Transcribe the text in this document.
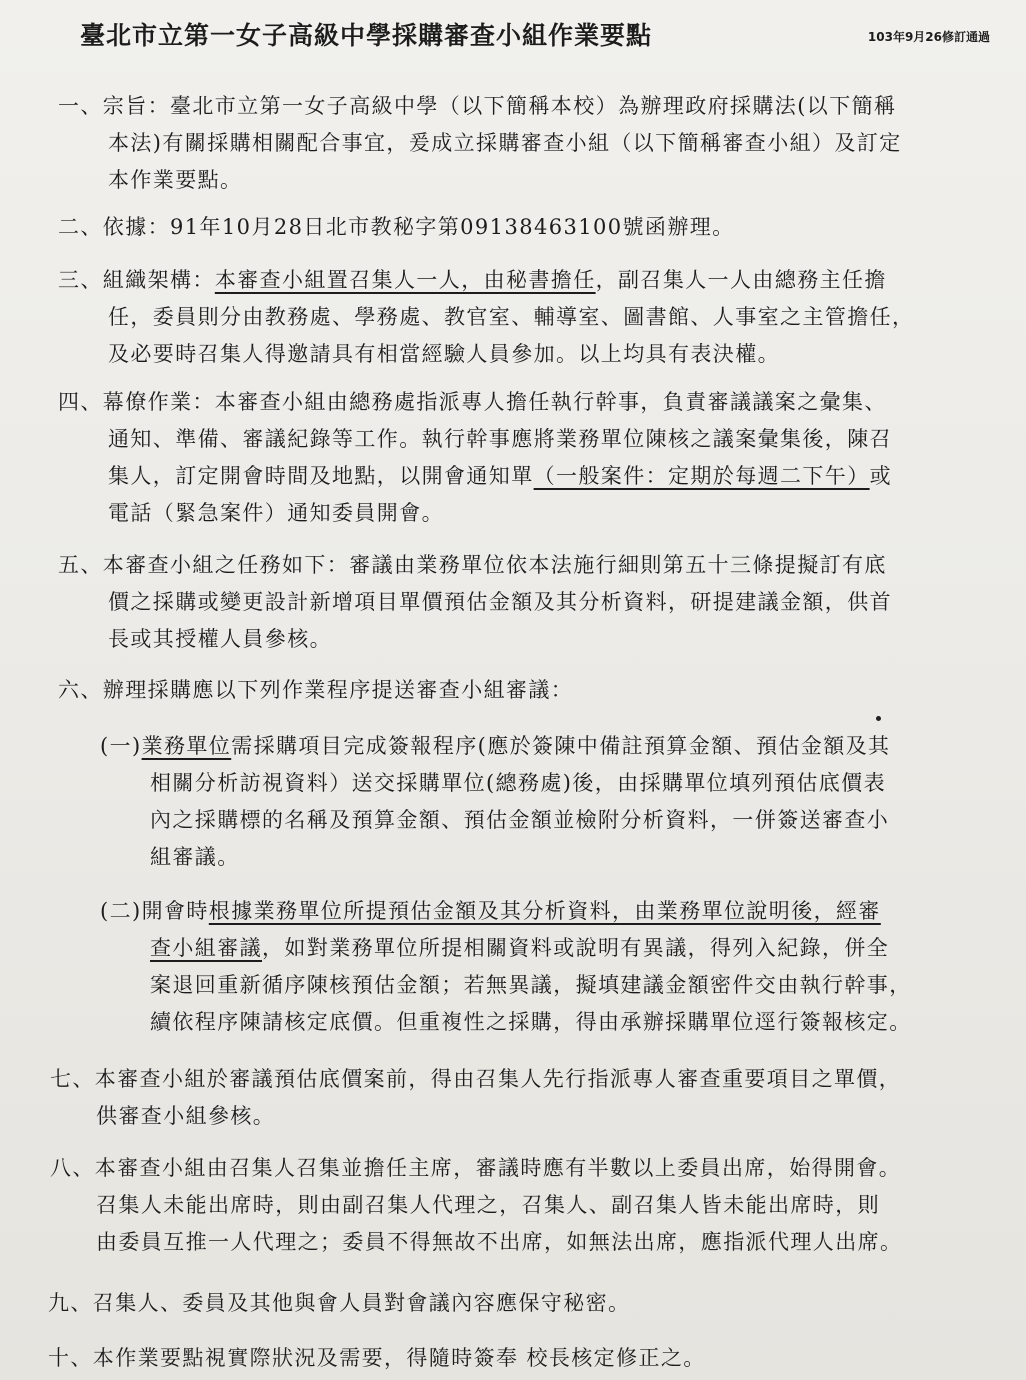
臺北市立第一女子高級中學採購審查小組作業要點	103年9月26修訂通過
一、宗旨：臺北市立第一女子高級中學（以下簡稱本校）為辦理政府採購法(以下簡稱
本法)有關採購相關配合事宜，爰成立採購審查小組（以下簡稱審查小組）及訂定
本作業要點。
二、依據：91年10月28日北市教秘字第09138463100號函辦理。
三、組織架構：本審查小組置召集人一人，由秘書擔任，副召集人一人由總務主任擔
任，委員則分由教務處、學務處、教官室、輔導室、圖書館、人事室之主管擔任，
及必要時召集人得邀請具有相當經驗人員參加。以上均具有表決權。
四、幕僚作業：本審查小組由總務處指派專人擔任執行幹事，負責審議議案之彙集、
通知、準備、審議紀錄等工作。執行幹事應將業務單位陳核之議案彙集後，陳召
集人，訂定開會時間及地點，以開會通知單（一般案件：定期於每週二下午）或
電話（緊急案件）通知委員開會。
五、本審查小組之任務如下：審議由業務單位依本法施行細則第五十三條提擬訂有底
價之採購或變更設計新增項目單價預估金額及其分析資料，研提建議金額，供首
長或其授權人員參核。
六、辦理採購應以下列作業程序提送審查小組審議：
(一)業務單位需採購項目完成簽報程序(應於簽陳中備註預算金額、預估金額及其
相關分析訪視資料）送交採購單位(總務處)後，由採購單位填列預估底價表
內之採購標的名稱及預算金額、預估金額並檢附分析資料，一併簽送審查小
組審議。
(二)開會時根據業務單位所提預估金額及其分析資料，由業務單位說明後，經審
查小組審議，如對業務單位所提相關資料或說明有異議，得列入紀錄，併全
案退回重新循序陳核預估金額；若無異議，擬填建議金額密件交由執行幹事，
續依程序陳請核定底價。但重複性之採購，得由承辦採購單位逕行簽報核定。
七、本審查小組於審議預估底價案前，得由召集人先行指派專人審查重要項目之單價，
供審查小組參核。
八、本審查小組由召集人召集並擔任主席，審議時應有半數以上委員出席，始得開會。
召集人未能出席時，則由副召集人代理之，召集人、副召集人皆未能出席時，則
由委員互推一人代理之；委員不得無故不出席，如無法出席，應指派代理人出席。
九、召集人、委員及其他與會人員對會議內容應保守秘密。
十、本作業要點視實際狀況及需要，得隨時簽奉 校長核定修正之。
